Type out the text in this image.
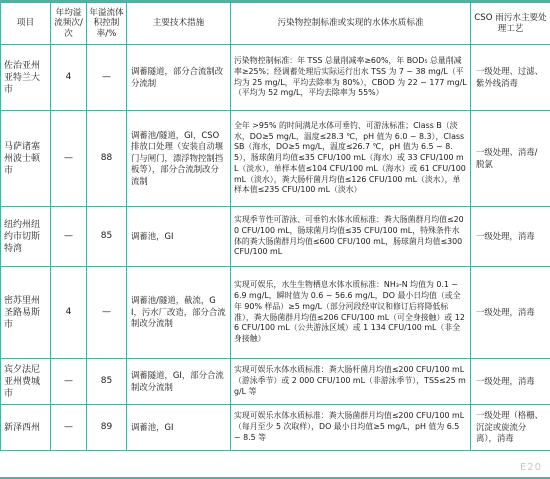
项目	年均溢流频次/次	年溢流体积控制率/%	主要技术措施	污染物控制标准或实现的水体水质标准	CSO 雨污水主要处理工艺
佐治亚州亚特兰大市	4	—	调蓄隧道，部分合流制改分流制	污染物控制标准：年 TSS 总量削减率≥60%，年 BOD₅ 总量削减率≥25%；经调蓄处理后实际运行出水 TSS 为 7 ~ 38 mg/L（平均为 25 mg/L，平均去除率为 80%），CBOD 为 22 ~ 177 mg/L（平均为 52 mg/L，平均去除率为 55%）	一级处理、过滤、紫外线消毒
马萨诸塞州波士顿市	—	88	调蓄池/隧道，GI，CSO 排放口处理（安装自动堰门与闸门，漂浮物控制挡板等），部分合流制改分流制	全年 >95% 的时间满足水体可垂钓、可游泳标准；Class B（淡水，DO≥5 mg/L，温度≤28.3 ℃，pH 值为 6.0 ~ 8.3），Class SB（海水，DO≥5 mg/L，温度≤26.7 ℃，pH 值为 6.5 ~ 8.5），肠球菌月均值≤35 CFU/100 mL（海水）或 33 CFU/100 mL（淡水），单样本值≤104 CFU/100 mL（海水）或 61 CFU/100 mL（淡水），粪大肠杆菌月均值≤126 CFU/100 mL（淡水），单样本值≤235 CFU/100 mL（淡水）	一级处理、消毒/脱氯
纽约州纽约市切斯特湾	—	85	调蓄池，GI	实现季节性可游泳、可垂钓水体水质标准：粪大肠菌群月均值≤200 CFU/100 mL，肠球菌月均值≤35 CFU/100 mL，特殊条件水体的粪大肠菌群月均值≤600 CFU/100 mL，肠球菌月均值≤300 CFU/100 mL	一级处理，消毒
密苏里州圣路易斯市	4	—	调蓄池/隧道，截流，GI，污水厂改造，部分合流制改分流制	实现可娱乐，水生生物栖息水体水质标准：NH₃-N 均值为 0.1 ~ 6.9 mg/L，瞬时值为 0.6 ~ 56.6 mg/L，DO 最小日均值（或全年 90% 样品）≥5 mg/L（部分河段经审议和修订后将降低标准），粪大肠菌群月均值≤206 CFU/100 mL（可全身接触）或 126 CFU/100 mL（公共游泳区域）或 1 134 CFU/100 mL（非全身接触）	一级处理，消毒
宾夕法尼亚州费城市	—	85	调蓄隧道，GI，部分合流制改分流制	实现可娱乐水体水质标准：粪大肠杆菌月均值≤200 CFU/100 mL（游泳季节）或 2 000 CFU/100 mL（非游泳季节），TSS≤25 mg/L 等	一级处理，消毒
新泽西州	—	89	调蓄池，GI	实现可娱乐水体水质标准：粪大肠菌群月均值≤200 CFU/100 mL（每月至少 5 次取样），DO 最小日均值≥5 mg/L，pH 值为 6.5 ~ 8.5 等	一级处理（格栅、沉淀或旋流分离），消毒
E20
